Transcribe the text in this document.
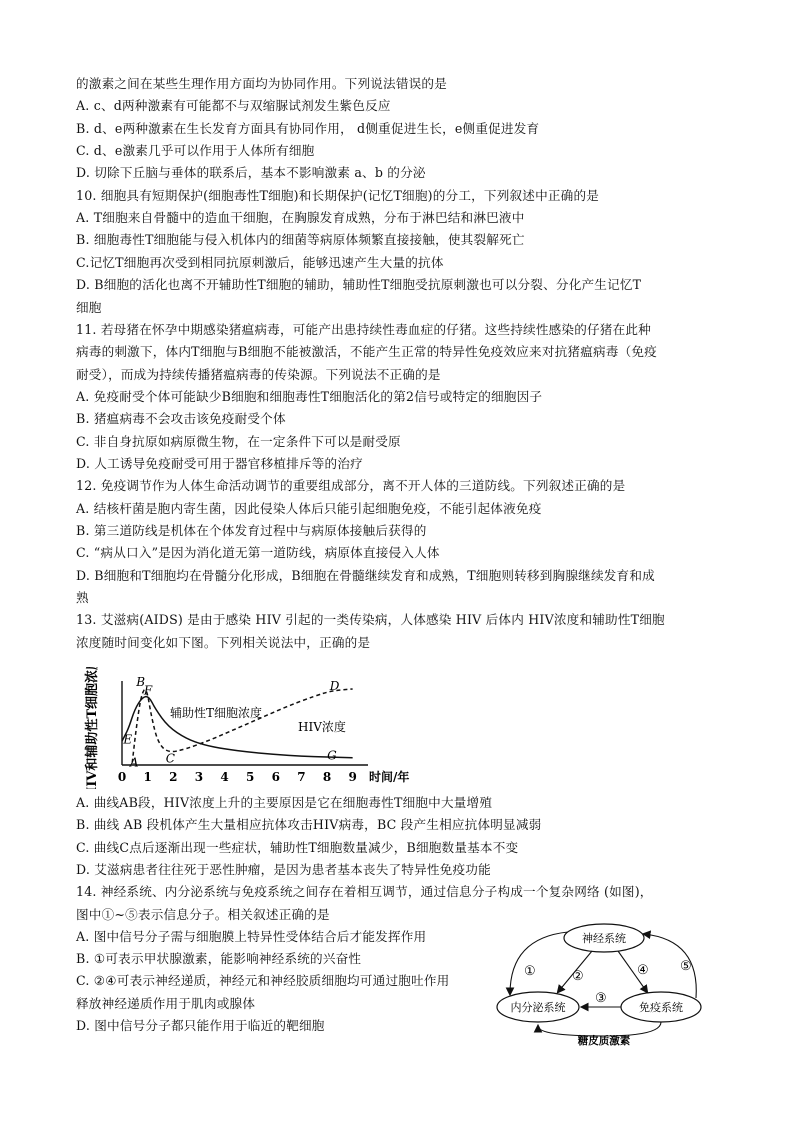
的激素之间在某些生理作用方面均为协同作用。下列说法错误的是
A. c、d两种激素有可能都不与双缩脲试剂发生紫色反应
B. d、e两种激素在生长发育方面具有协同作用， d侧重促进生长，e侧重促进发育
C. d、e激素几乎可以作用于人体所有细胞
D. 切除下丘脑与垂体的联系后，基本不影响激素 a、b 的分泌
10. 细胞具有短期保护(细胞毒性T细胞)和长期保护(记忆T细胞)的分工，下列叙述中正确的是
A. T细胞来自骨髓中的造血干细胞，在胸腺发育成熟，分布于淋巴结和淋巴液中
B. 细胞毒性T细胞能与侵入机体内的细菌等病原体频繁直接接触，使其裂解死亡
C.记忆T细胞再次受到相同抗原刺激后，能够迅速产生大量的抗体
D. B细胞的活化也离不开辅助性T细胞的辅助，辅助性T细胞受抗原刺激也可以分裂、分化产生记忆T
细胞
11. 若母猪在怀孕中期感染猪瘟病毒，可能产出患持续性毒血症的仔猪。这些持续性感染的仔猪在此种
病毒的刺激下，体内T细胞与B细胞不能被激活，不能产生正常的特异性免疫效应来对抗猪瘟病毒（免疫
耐受），而成为持续传播猪瘟病毒的传染源。下列说法不正确的是
A. 免疫耐受个体可能缺少B细胞和细胞毒性T细胞活化的第2信号或特定的细胞因子
B. 猪瘟病毒不会攻击该免疫耐受个体
C. 非自身抗原如病原微生物，在一定条件下可以是耐受原
D. 人工诱导免疫耐受可用于器官移植排斥等的治疗
12. 免疫调节作为人体生命活动调节的重要组成部分，离不开人体的三道防线。下列叙述正确的是
A. 结核杆菌是胞内寄生菌，因此侵染人体后只能引起细胞免疫，不能引起体液免疫
B. 第三道防线是机体在个体发育过程中与病原体接触后获得的
C. “病从口入”是因为消化道无第一道防线，病原体直接侵入人体
D. B细胞和T细胞均在骨髓分化形成，B细胞在骨髓继续发育和成熟，T细胞则转移到胸腺继续发育和成
熟
13. 艾滋病(AIDS) 是由于感染 HIV 引起的一类传染病，人体感染 HIV 后体内 HIV浓度和辅助性T细胞
浓度随时间变化如下图。下列相关说法中，正确的是
HIV和辅助性T细胞浓度 0 1 2 3 4 5 6 7 8 9 时间/年
A
B
F
E
C
D
G
辅助性T细胞浓度
HIV浓度
A. 曲线AB段，HIV浓度上升的主要原因是它在细胞毒性T细胞中大量增殖
B. 曲线 AB 段机体产生大量相应抗体攻击HIV病毒，BC 段产生相应抗体明显减弱
C. 曲线C点后逐渐出现一些症状，辅助性T细胞数量减少，B细胞数量基本不变
D. 艾滋病患者往往死于恶性肿瘤，是因为患者基本丧失了特异性免疫功能
14. 神经系统、内分泌系统与免疫系统之间存在着相互调节，通过信息分子构成一个复杂网络 (如图)，
图中①~⑤表示信息分子。相关叙述正确的是
A. 图中信号分子需与细胞膜上特异性受体结合后才能发挥作用
B. ①可表示甲状腺激素，能影响神经系统的兴奋性
C. ②④可表示神经递质，神经元和神经胶质细胞均可通过胞吐作用
释放神经递质作用于肌肉或腺体
D. 图中信号分子都只能作用于临近的靶细胞
神经系统
内分泌系统	免疫系统
①	②
③
④ ⑤
糖皮质激素
